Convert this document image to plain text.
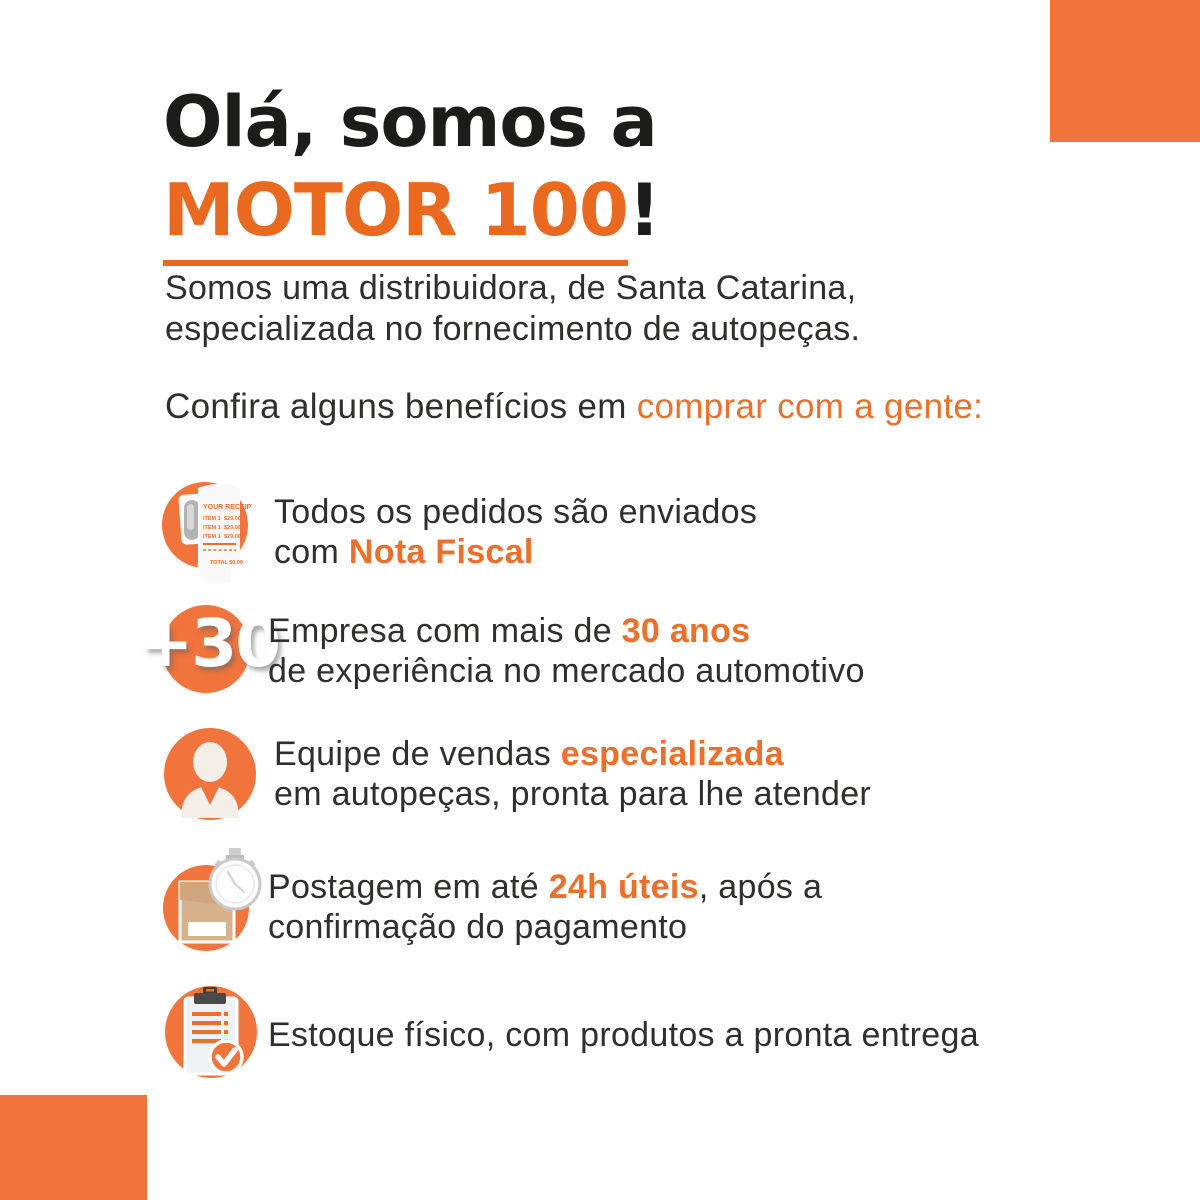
Olá, somos a
MOTOR 100!

Somos uma distribuidora, de Santa Catarina,
especializada no fornecimento de autopeças.

Confira alguns benefícios em comprar com a gente:

YOUR RECEIPT
ITEM 1 $29.00
ITEM 1 $29.00
ITEM 1 $29.00
TOTAL $0.00
Todos os pedidos são enviados
com Nota Fiscal
+30
Empresa com mais de 30 anos
de experiência no mercado automotivo
Equipe de vendas especializada
em autopeças, pronta para lhe atender
Postagem em até 24h úteis, após a
confirmação do pagamento
Estoque físico, com produtos a pronta entrega
